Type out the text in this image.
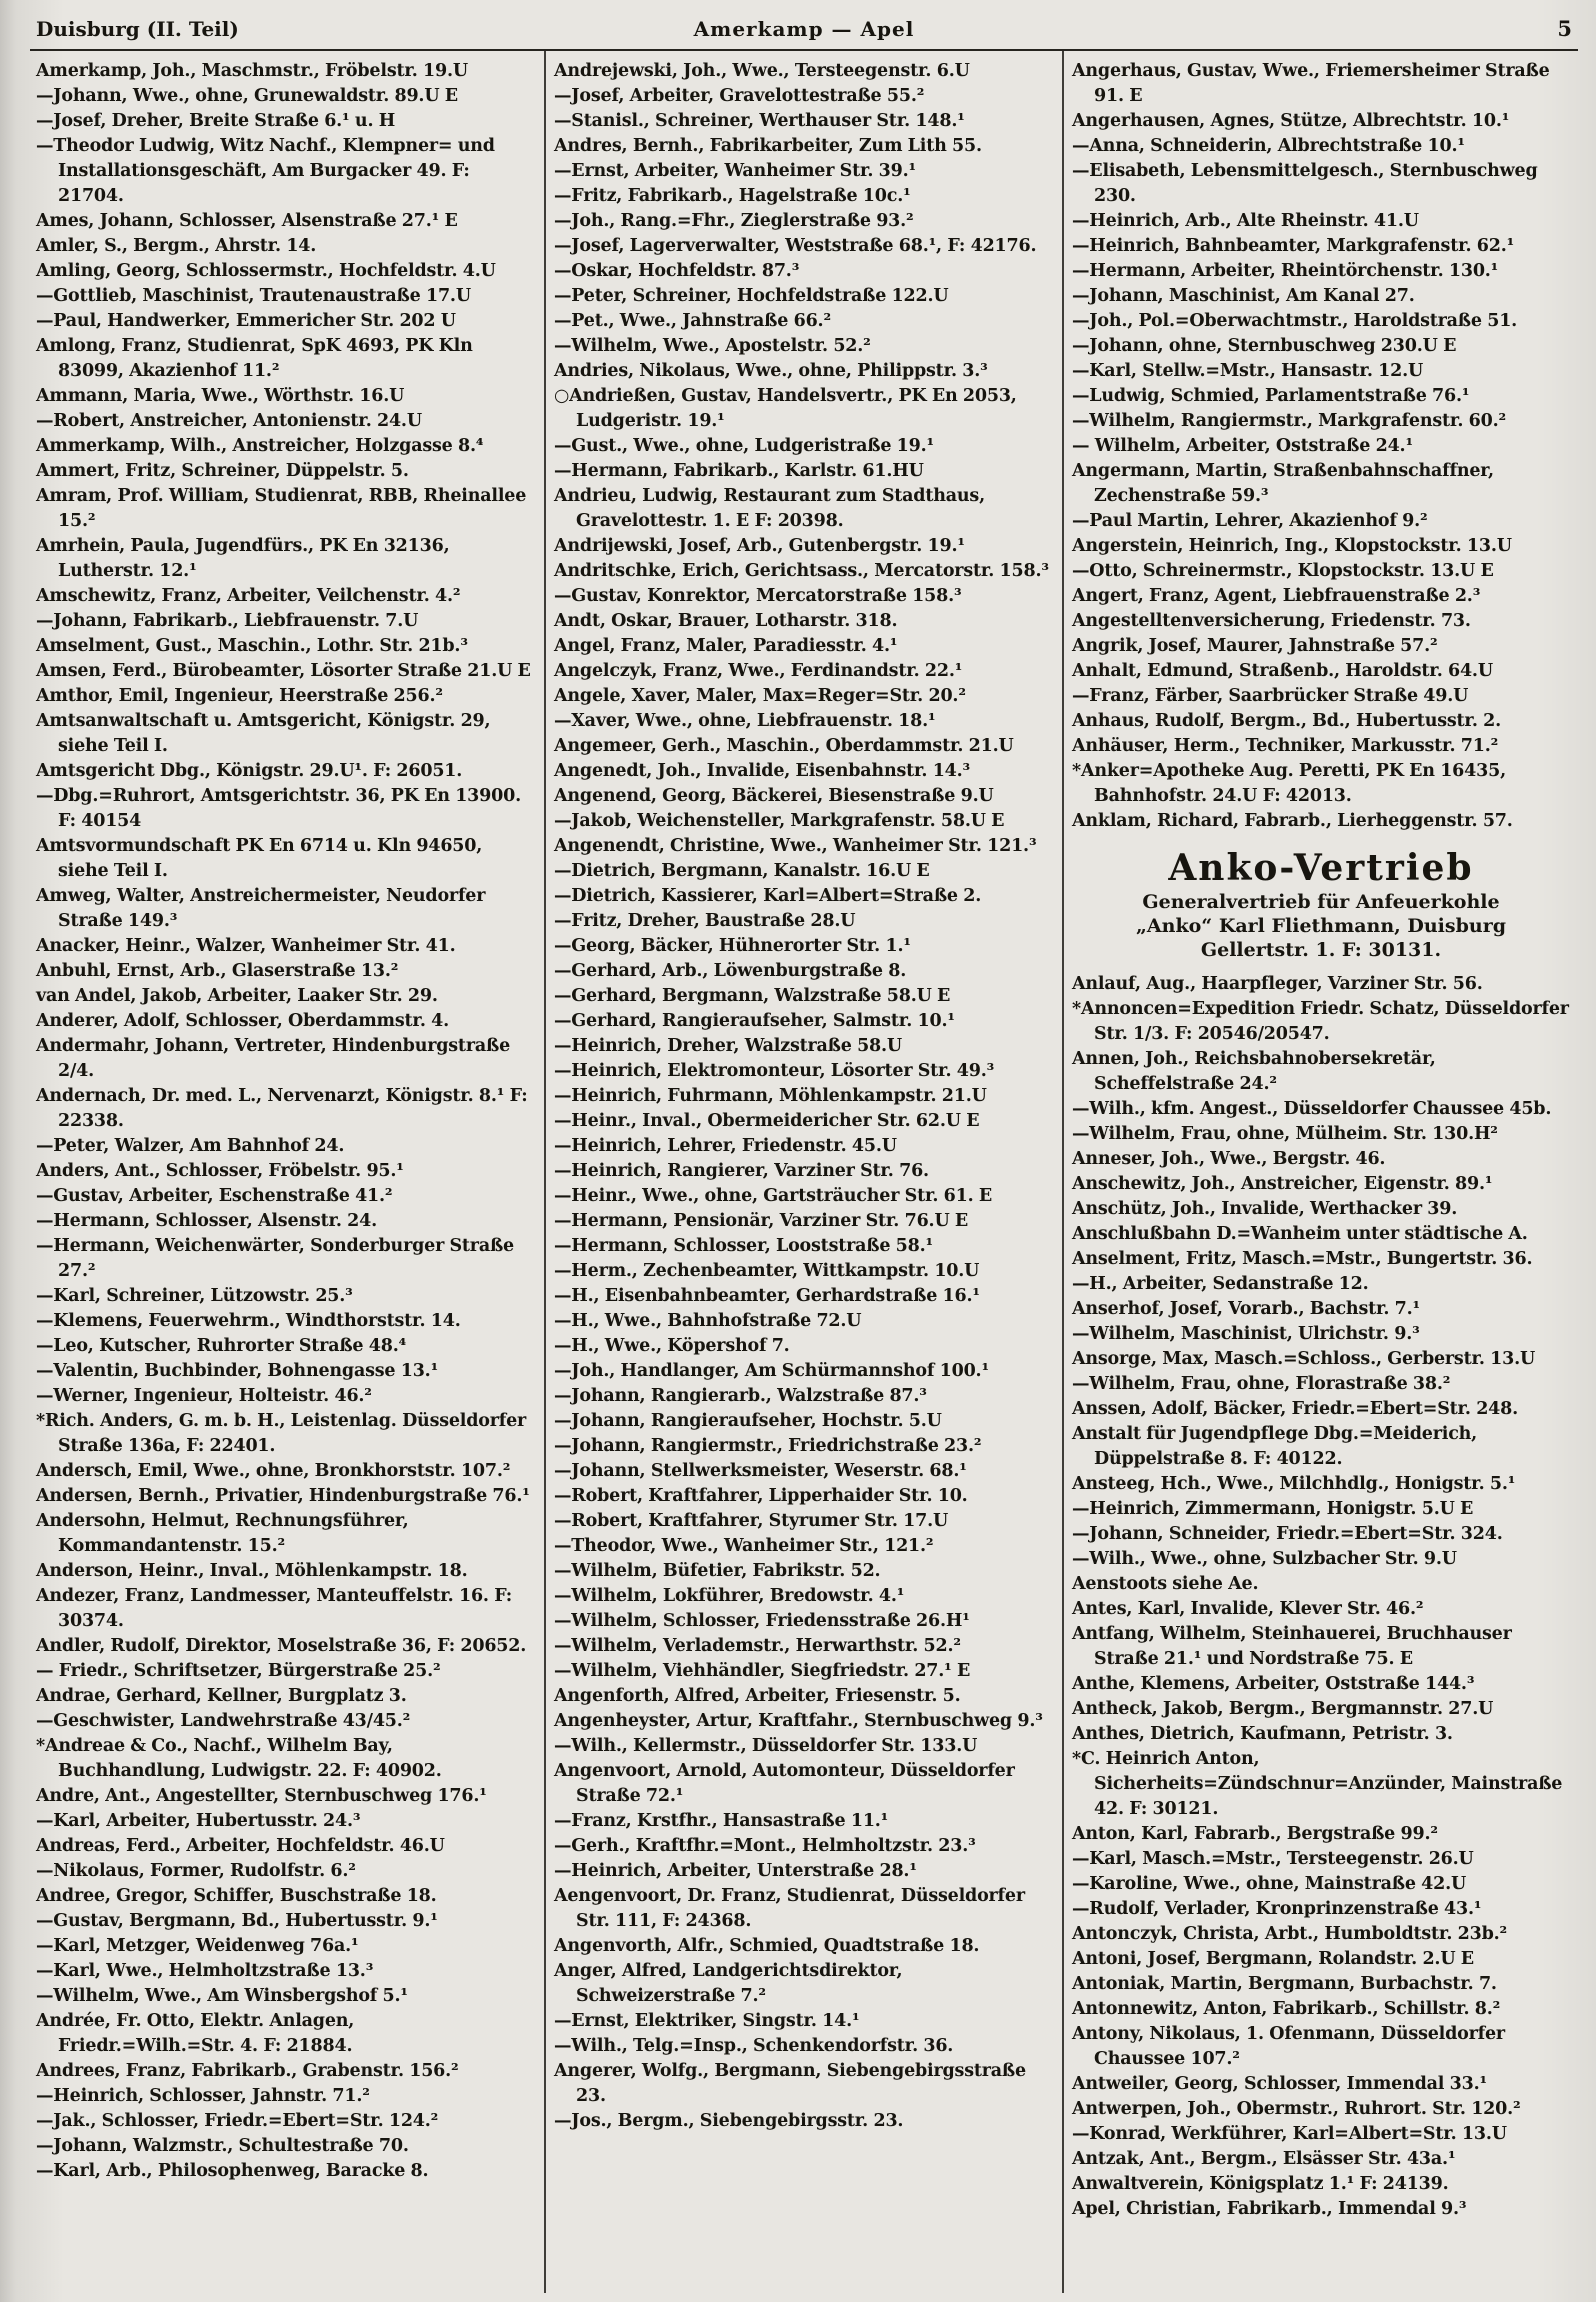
Duisburg (II. Teil)	Amerkamp — Apel	5

Amerkamp, Joh., Maschmstr., Fröbelstr. 19.U

—Johann, Wwe., ohne, Grunewaldstr. 89.U E

—Josef, Dreher, Breite Straße 6.¹ u. H

—Theodor Ludwig, Witz Nachf., Klempner= und Installationsgeschäft, Am Burgacker 49. F: 21704.

Ames, Johann, Schlosser, Alsenstraße 27.¹ E

Amler, S., Bergm., Ahrstr. 14.

Amling, Georg, Schlossermstr., Hochfeldstr. 4.U

—Gottlieb, Maschinist, Trautenaustraße 17.U

—Paul, Handwerker, Emmericher Str. 202 U

Amlong, Franz, Studienrat, SpK 4693, PK Kln 83099, Akazienhof 11.²

Ammann, Maria, Wwe., Wörthstr. 16.U

—Robert, Anstreicher, Antonienstr. 24.U

Ammerkamp, Wilh., Anstreicher, Holzgasse 8.⁴

Ammert, Fritz, Schreiner, Düppelstr. 5.

Amram, Prof. William, Studienrat, RBB, Rheinallee 15.²

Amrhein, Paula, Jugendfürs., PK En 32136, Lutherstr. 12.¹

Amschewitz, Franz, Arbeiter, Veilchenstr. 4.²

—Johann, Fabrikarb., Liebfrauenstr. 7.U

Amselment, Gust., Maschin., Lothr. Str. 21b.³

Amsen, Ferd., Bürobeamter, Lösorter Straße 21.U E

Amthor, Emil, Ingenieur, Heerstraße 256.²

Amtsanwaltschaft u. Amtsgericht, Königstr. 29, siehe Teil I.

Amtsgericht Dbg., Königstr. 29.U¹. F: 26051.

—Dbg.=Ruhrort, Amtsgerichtstr. 36, PK En 13900. F: 40154

Amtsvormundschaft PK En 6714 u. Kln 94650, siehe Teil I.

Amweg, Walter, Anstreichermeister, Neudorfer Straße 149.³

Anacker, Heinr., Walzer, Wanheimer Str. 41.

Anbuhl, Ernst, Arb., Glaserstraße 13.²

van Andel, Jakob, Arbeiter, Laaker Str. 29.

Anderer, Adolf, Schlosser, Oberdammstr. 4.

Andermahr, Johann, Vertreter, Hindenburgstraße 2/4.

Andernach, Dr. med. L., Nervenarzt, Königstr. 8.¹ F: 22338.

—Peter, Walzer, Am Bahnhof 24.

Anders, Ant., Schlosser, Fröbelstr. 95.¹

—Gustav, Arbeiter, Eschenstraße 41.²

—Hermann, Schlosser, Alsenstr. 24.

—Hermann, Weichenwärter, Sonderburger Straße 27.²

—Karl, Schreiner, Lützowstr. 25.³

—Klemens, Feuerwehrm., Windthorststr. 14.

—Leo, Kutscher, Ruhrorter Straße 48.⁴

—Valentin, Buchbinder, Bohnengasse 13.¹

—Werner, Ingenieur, Holteistr. 46.²

*Rich. Anders, G. m. b. H., Leistenlag. Düsseldorfer Straße 136a, F: 22401.

Andersch, Emil, Wwe., ohne, Bronkhorststr. 107.²

Andersen, Bernh., Privatier, Hindenburgstraße 76.¹

Andersohn, Helmut, Rechnungsführer, Kommandantenstr. 15.²

Anderson, Heinr., Inval., Möhlenkampstr. 18.

Andezer, Franz, Landmesser, Manteuffelstr. 16. F: 30374.

Andler, Rudolf, Direktor, Moselstraße 36, F: 20652.

— Friedr., Schriftsetzer, Bürgerstraße 25.²

Andrae, Gerhard, Kellner, Burgplatz 3.

—Geschwister, Landwehrstraße 43/45.²

*Andreae & Co., Nachf., Wilhelm Bay, Buchhandlung, Ludwigstr. 22. F: 40902.

Andre, Ant., Angestellter, Sternbuschweg 176.¹

—Karl, Arbeiter, Hubertusstr. 24.³

Andreas, Ferd., Arbeiter, Hochfeldstr. 46.U

—Nikolaus, Former, Rudolfstr. 6.²

Andree, Gregor, Schiffer, Buschstraße 18.

—Gustav, Bergmann, Bd., Hubertusstr. 9.¹

—Karl, Metzger, Weidenweg 76a.¹

—Karl, Wwe., Helmholtzstraße 13.³

—Wilhelm, Wwe., Am Winsbergshof 5.¹

Andrée, Fr. Otto, Elektr. Anlagen, Friedr.=Wilh.=Str. 4. F: 21884.

Andrees, Franz, Fabrikarb., Grabenstr. 156.²

—Heinrich, Schlosser, Jahnstr. 71.²

—Jak., Schlosser, Friedr.=Ebert=Str. 124.²

—Johann, Walzmstr., Schultestraße 70.

—Karl, Arb., Philosophenweg, Baracke 8.

Andrejewski, Joh., Wwe., Tersteegenstr. 6.U

—Josef, Arbeiter, Gravelottestraße 55.²

—Stanisl., Schreiner, Werthauser Str. 148.¹

Andres, Bernh., Fabrikarbeiter, Zum Lith 55.

—Ernst, Arbeiter, Wanheimer Str. 39.¹

—Fritz, Fabrikarb., Hagelstraße 10c.¹

—Joh., Rang.=Fhr., Zieglerstraße 93.²

—Josef, Lagerverwalter, Weststraße 68.¹, F: 42176.

—Oskar, Hochfeldstr. 87.³

—Peter, Schreiner, Hochfeldstraße 122.U

—Pet., Wwe., Jahnstraße 66.²

—Wilhelm, Wwe., Apostelstr. 52.²

Andries, Nikolaus, Wwe., ohne, Philippstr. 3.³

○Andrießen, Gustav, Handelsvertr., PK En 2053, Ludgeristr. 19.¹

—Gust., Wwe., ohne, Ludgeristraße 19.¹

—Hermann, Fabrikarb., Karlstr. 61.HU

Andrieu, Ludwig, Restaurant zum Stadthaus, Gravelottestr. 1. E F: 20398.

Andrijewski, Josef, Arb., Gutenbergstr. 19.¹

Andritschke, Erich, Gerichtsass., Mercatorstr. 158.³

—Gustav, Konrektor, Mercatorstraße 158.³

Andt, Oskar, Brauer, Lotharstr. 318.

Angel, Franz, Maler, Paradiesstr. 4.¹

Angelczyk, Franz, Wwe., Ferdinandstr. 22.¹

Angele, Xaver, Maler, Max=Reger=Str. 20.²

—Xaver, Wwe., ohne, Liebfrauenstr. 18.¹

Angemeer, Gerh., Maschin., Oberdammstr. 21.U

Angenedt, Joh., Invalide, Eisenbahnstr. 14.³

Angenend, Georg, Bäckerei, Biesenstraße 9.U

—Jakob, Weichensteller, Markgrafenstr. 58.U E

Angenendt, Christine, Wwe., Wanheimer Str. 121.³

—Dietrich, Bergmann, Kanalstr. 16.U E

—Dietrich, Kassierer, Karl=Albert=Straße 2.

—Fritz, Dreher, Baustraße 28.U

—Georg, Bäcker, Hühnerorter Str. 1.¹

—Gerhard, Arb., Löwenburgstraße 8.

—Gerhard, Bergmann, Walzstraße 58.U E

—Gerhard, Rangieraufseher, Salmstr. 10.¹

—Heinrich, Dreher, Walzstraße 58.U

—Heinrich, Elektromonteur, Lösorter Str. 49.³

—Heinrich, Fuhrmann, Möhlenkampstr. 21.U

—Heinr., Inval., Obermeidericher Str. 62.U E

—Heinrich, Lehrer, Friedenstr. 45.U

—Heinrich, Rangierer, Varziner Str. 76.

—Heinr., Wwe., ohne, Gartsträucher Str. 61. E

—Hermann, Pensionär, Varziner Str. 76.U E

—Hermann, Schlosser, Looststraße 58.¹

—Herm., Zechenbeamter, Wittkampstr. 10.U

—H., Eisenbahnbeamter, Gerhardstraße 16.¹

—H., Wwe., Bahnhofstraße 72.U

—H., Wwe., Köpershof 7.

—Joh., Handlanger, Am Schürmannshof 100.¹

—Johann, Rangierarb., Walzstraße 87.³

—Johann, Rangieraufseher, Hochstr. 5.U

—Johann, Rangiermstr., Friedrichstraße 23.²

—Johann, Stellwerksmeister, Weserstr. 68.¹

—Robert, Kraftfahrer, Lipperhaider Str. 10.

—Robert, Kraftfahrer, Styrumer Str. 17.U

—Theodor, Wwe., Wanheimer Str., 121.²

—Wilhelm, Büfetier, Fabrikstr. 52.

—Wilhelm, Lokführer, Bredowstr. 4.¹

—Wilhelm, Schlosser, Friedensstraße 26.H¹

—Wilhelm, Verlademstr., Herwarthstr. 52.²

—Wilhelm, Viehhändler, Siegfriedstr. 27.¹ E

Angenforth, Alfred, Arbeiter, Friesenstr. 5.

Angenheyster, Artur, Kraftfahr., Sternbuschweg 9.³

—Wilh., Kellermstr., Düsseldorfer Str. 133.U

Angenvoort, Arnold, Automonteur, Düsseldorfer Straße 72.¹

—Franz, Krstfhr., Hansastraße 11.¹

—Gerh., Kraftfhr.=Mont., Helmholtzstr. 23.³

—Heinrich, Arbeiter, Unterstraße 28.¹

Aengenvoort, Dr. Franz, Studienrat, Düsseldorfer Str. 111, F: 24368.

Angenvorth, Alfr., Schmied, Quadtstraße 18.

Anger, Alfred, Landgerichtsdirektor, Schweizerstraße 7.²

—Ernst, Elektriker, Singstr. 14.¹

—Wilh., Telg.=Insp., Schenkendorfstr. 36.

Angerer, Wolfg., Bergmann, Siebengebirgsstraße 23.

—Jos., Bergm., Siebengebirgsstr. 23.

Angerhaus, Gustav, Wwe., Friemersheimer Straße 91. E

Angerhausen, Agnes, Stütze, Albrechtstr. 10.¹

—Anna, Schneiderin, Albrechtstraße 10.¹

—Elisabeth, Lebensmittelgesch., Sternbuschweg 230.

—Heinrich, Arb., Alte Rheinstr. 41.U

—Heinrich, Bahnbeamter, Markgrafenstr. 62.¹

—Hermann, Arbeiter, Rheintörchenstr. 130.¹

—Johann, Maschinist, Am Kanal 27.

—Joh., Pol.=Oberwachtmstr., Haroldstraße 51.

—Johann, ohne, Sternbuschweg 230.U E

—Karl, Stellw.=Mstr., Hansastr. 12.U

—Ludwig, Schmied, Parlamentstraße 76.¹

—Wilhelm, Rangiermstr., Markgrafenstr. 60.²

— Wilhelm, Arbeiter, Oststraße 24.¹

Angermann, Martin, Straßenbahnschaffner, Zechenstraße 59.³

—Paul Martin, Lehrer, Akazienhof 9.²

Angerstein, Heinrich, Ing., Klopstockstr. 13.U

—Otto, Schreinermstr., Klopstockstr. 13.U E

Angert, Franz, Agent, Liebfrauenstraße 2.³

Angestelltenversicherung, Friedenstr. 73.

Angrik, Josef, Maurer, Jahnstraße 57.²

Anhalt, Edmund, Straßenb., Haroldstr. 64.U

—Franz, Färber, Saarbrücker Straße 49.U

Anhaus, Rudolf, Bergm., Bd., Hubertusstr. 2.

Anhäuser, Herm., Techniker, Markusstr. 71.²

*Anker=Apotheke Aug. Peretti, PK En 16435, Bahnhofstr. 24.U F: 42013.

Anklam, Richard, Fabrarb., Lierheggenstr. 57.

Anko-Vertrieb
Generalvertrieb für Anfeuerkohle
„Anko“ Karl Fliethmann, Duisburg
Gellertstr. 1. F: 30131.

Anlauf, Aug., Haarpfleger, Varziner Str. 56.

*Annoncen=Expedition Friedr. Schatz, Düsseldorfer Str. 1/3. F: 20546/20547.

Annen, Joh., Reichsbahnobersekretär, Scheffelstraße 24.²

—Wilh., kfm. Angest., Düsseldorfer Chaussee 45b.

—Wilhelm, Frau, ohne, Mülheim. Str. 130.H²

Anneser, Joh., Wwe., Bergstr. 46.

Anschewitz, Joh., Anstreicher, Eigenstr. 89.¹

Anschütz, Joh., Invalide, Werthacker 39.

Anschlußbahn D.=Wanheim unter städtische A.

Anselment, Fritz, Masch.=Mstr., Bungertstr. 36.

—H., Arbeiter, Sedanstraße 12.

Anserhof, Josef, Vorarb., Bachstr. 7.¹

—Wilhelm, Maschinist, Ulrichstr. 9.³

Ansorge, Max, Masch.=Schloss., Gerberstr. 13.U

—Wilhelm, Frau, ohne, Florastraße 38.²

Anssen, Adolf, Bäcker, Friedr.=Ebert=Str. 248.

Anstalt für Jugendpflege Dbg.=Meiderich, Düppelstraße 8. F: 40122.

Ansteeg, Hch., Wwe., Milchhdlg., Honigstr. 5.¹

—Heinrich, Zimmermann, Honigstr. 5.U E

—Johann, Schneider, Friedr.=Ebert=Str. 324.

—Wilh., Wwe., ohne, Sulzbacher Str. 9.U

Aenstoots siehe Ae.

Antes, Karl, Invalide, Klever Str. 46.²

Antfang, Wilhelm, Steinhauerei, Bruchhauser Straße 21.¹ und Nordstraße 75. E

Anthe, Klemens, Arbeiter, Oststraße 144.³

Antheck, Jakob, Bergm., Bergmannstr. 27.U

Anthes, Dietrich, Kaufmann, Petristr. 3.

*C. Heinrich Anton, Sicherheits=Zündschnur=Anzünder, Mainstraße 42. F: 30121.

Anton, Karl, Fabrarb., Bergstraße 99.²

—Karl, Masch.=Mstr., Tersteegenstr. 26.U

—Karoline, Wwe., ohne, Mainstraße 42.U

—Rudolf, Verlader, Kronprinzenstraße 43.¹

Antonczyk, Christa, Arbt., Humboldtstr. 23b.²

Antoni, Josef, Bergmann, Rolandstr. 2.U E

Antoniak, Martin, Bergmann, Burbachstr. 7.

Antonnewitz, Anton, Fabrikarb., Schillstr. 8.²

Antony, Nikolaus, 1. Ofenmann, Düsseldorfer Chaussee 107.²

Antweiler, Georg, Schlosser, Immendal 33.¹

Antwerpen, Joh., Obermstr., Ruhrort. Str. 120.²

—Konrad, Werkführer, Karl=Albert=Str. 13.U

Antzak, Ant., Bergm., Elsässer Str. 43a.¹

Anwaltverein, Königsplatz 1.¹ F: 24139.

Apel, Christian, Fabrikarb., Immendal 9.³
